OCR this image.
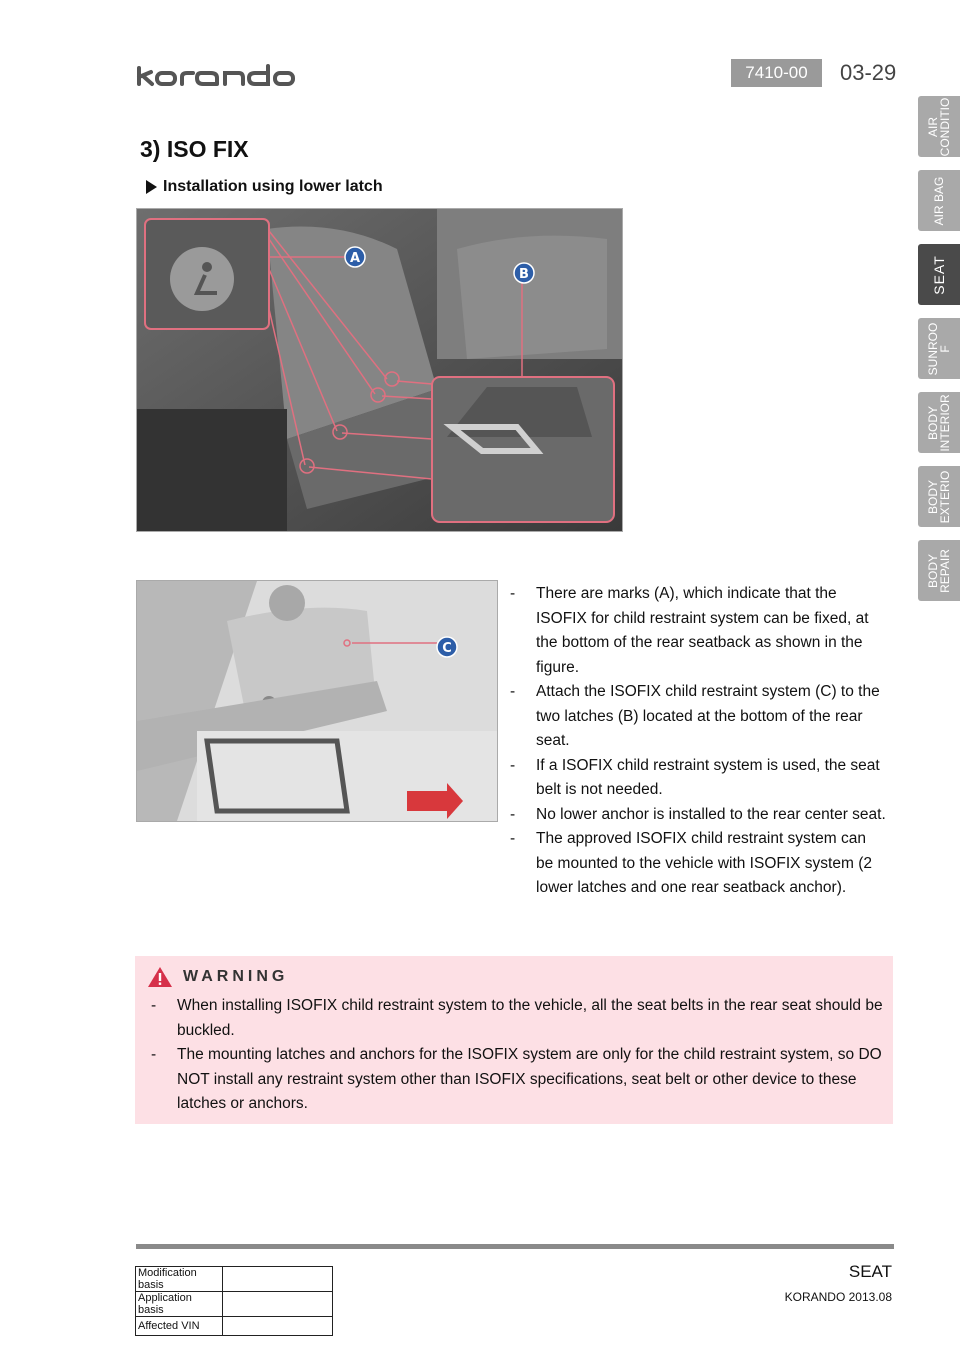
7410-00	03-29
AIR
CONDITIO
AIR BAG
SEAT
SUNROO
F
BODY
INTERIOR
BODY
EXTERIO
BODY
REPAIR
3) ISO FIX
Installation using lower latch
A
B
C
-	There are marks (A), which indicate that the ISOFIX for child restraint system can be fixed, at the bottom of the rear seatback as shown in the figure.
-	Attach the ISOFIX child restraint system (C) to the two latches (B) located at the bottom of the rear seat.
-	If a ISOFIX child restraint system is used, the seat belt is not needed.
-	No lower anchor is installed to the rear center seat.
-	The approved ISOFIX child restraint system can be mounted to the vehicle with ISOFIX system (2 lower latches and one rear seatback anchor).
WARNING
-	When installing ISOFIX child restraint system to the vehicle, all the seat belts in the rear seat should be buckled.
-	The mounting latches and anchors for the ISOFIX system are only for the child restraint system, so DO NOT install any restraint system other than ISOFIX specifications, seat belt or other device to these latches or anchors.
Modification basis	
Application basis	
Affected VIN	
SEAT
KORANDO 2013.08
